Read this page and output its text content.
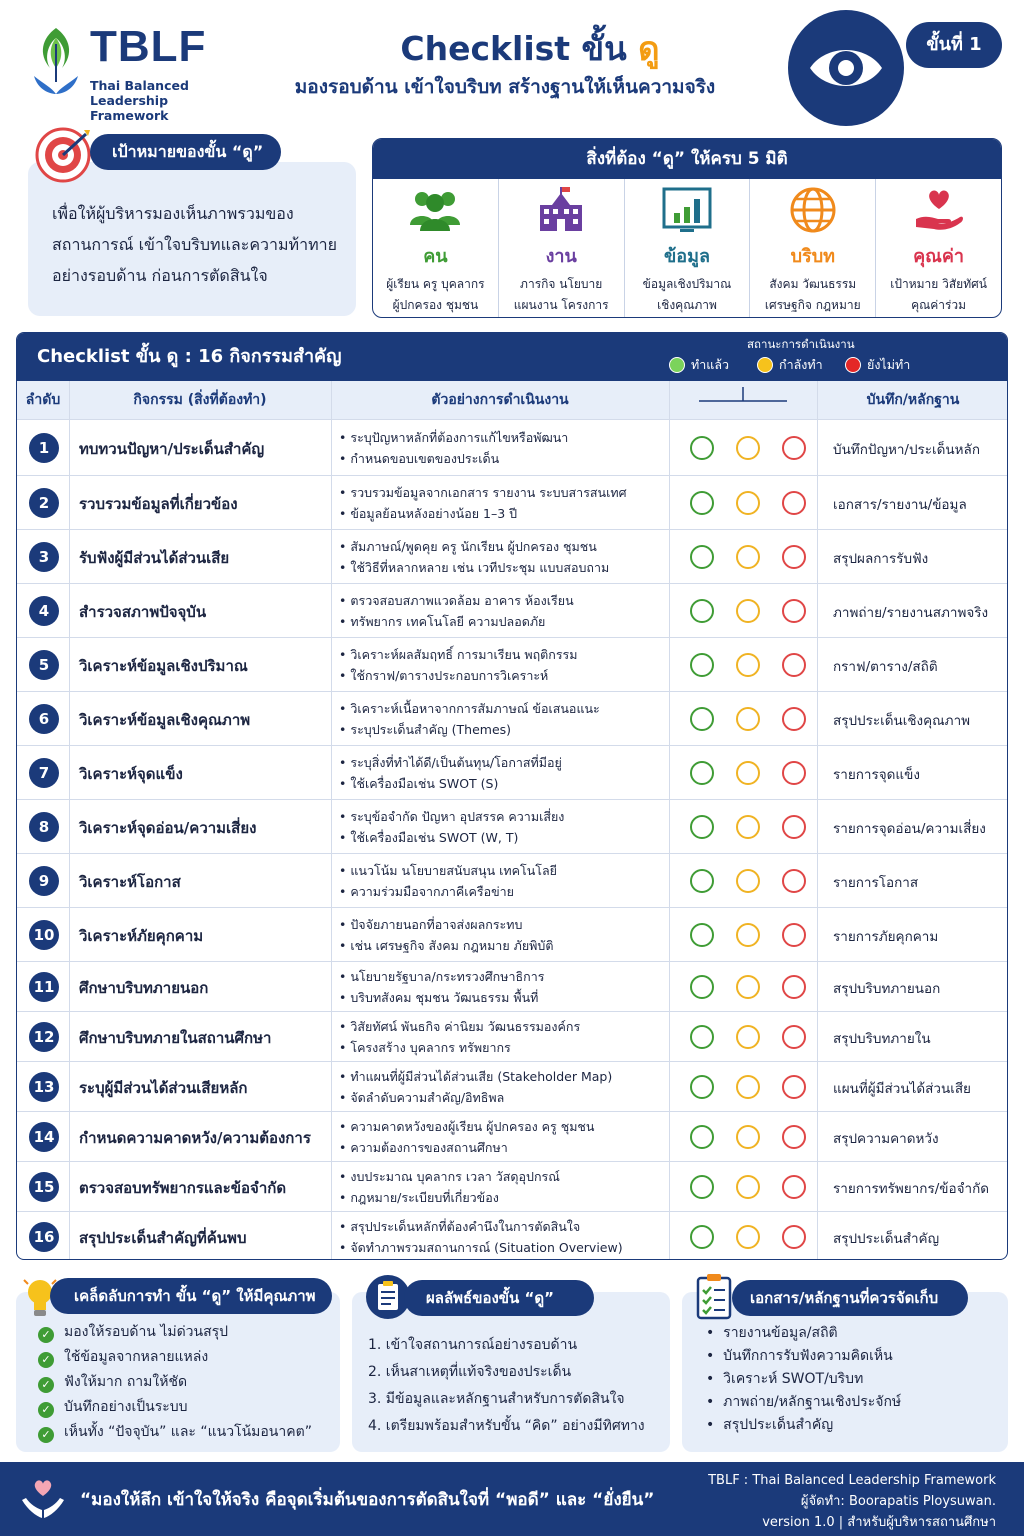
TBLF
Thai Balanced
Leadership Framework
Checklist ขั้น ดู
มองรอบด้าน เข้าใจบริบท สร้างฐานให้เห็นความจริง
ขั้นที่ 1
เป้าหมายของขั้น “ดู”
เพื่อให้ผู้บริหารมองเห็นภาพรวมของ
สถานการณ์ เข้าใจบริบทและความท้าทาย
อย่างรอบด้าน ก่อนการตัดสินใจ
สิ่งที่ต้อง “ดู” ให้ครบ 5 มิติ
คน
ผู้เรียน ครู บุคลากร
ผู้ปกครอง ชุมชน
งาน
ภารกิจ นโยบาย
แผนงาน โครงการ
ข้อมูล
ข้อมูลเชิงปริมาณ
เชิงคุณภาพ
บริบท
สังคม วัฒนธรรม
เศรษฐกิจ กฎหมาย
คุณค่า
เป้าหมาย วิสัยทัศน์
คุณค่าร่วม
Checklist ขั้น ดู : 16 กิจกรรมสำคัญ
สถานะการดำเนินงาน
ทำแล้ว	กำลังทำ	ยังไม่ทำ
ลำดับ	กิจกรรม (สิ่งที่ต้องทำ)	ตัวอย่างการดำเนินงาน	บันทึก/หลักฐาน
1	ทบทวนปัญหา/ประเด็นสำคัญ
• ระบุปัญหาหลักที่ต้องการแก้ไขหรือพัฒนา
• กำหนดขอบเขตของประเด็น
บันทึกปัญหา/ประเด็นหลัก
2	รวบรวมข้อมูลที่เกี่ยวข้อง
• รวบรวมข้อมูลจากเอกสาร รายงาน ระบบสารสนเทศ
• ข้อมูลย้อนหลังอย่างน้อย 1–3 ปี
เอกสาร/รายงาน/ข้อมูล
3	รับฟังผู้มีส่วนได้ส่วนเสีย
• สัมภาษณ์/พูดคุย ครู นักเรียน ผู้ปกครอง ชุมชน
• ใช้วิธีที่หลากหลาย เช่น เวทีประชุม แบบสอบถาม
สรุปผลการรับฟัง
4	สำรวจสภาพปัจจุบัน
• ตรวจสอบสภาพแวดล้อม อาคาร ห้องเรียน
• ทรัพยากร เทคโนโลยี ความปลอดภัย
ภาพถ่าย/รายงานสภาพจริง
5	วิเคราะห์ข้อมูลเชิงปริมาณ
• วิเคราะห์ผลสัมฤทธิ์ การมาเรียน พฤติกรรม
• ใช้กราฟ/ตารางประกอบการวิเคราะห์
กราฟ/ตาราง/สถิติ
6	วิเคราะห์ข้อมูลเชิงคุณภาพ
• วิเคราะห์เนื้อหาจากการสัมภาษณ์ ข้อเสนอแนะ
• ระบุประเด็นสำคัญ (Themes)
สรุปประเด็นเชิงคุณภาพ
7	วิเคราะห์จุดแข็ง
• ระบุสิ่งที่ทำได้ดี/เป็นต้นทุน/โอกาสที่มีอยู่
• ใช้เครื่องมือเช่น SWOT (S)
รายการจุดแข็ง
8	วิเคราะห์จุดอ่อน/ความเสี่ยง
• ระบุข้อจำกัด ปัญหา อุปสรรค ความเสี่ยง
• ใช้เครื่องมือเช่น SWOT (W, T)
รายการจุดอ่อน/ความเสี่ยง
9	วิเคราะห์โอกาส
• แนวโน้ม นโยบายสนับสนุน เทคโนโลยี
• ความร่วมมือจากภาคีเครือข่าย
รายการโอกาส
10	วิเคราะห์ภัยคุกคาม
• ปัจจัยภายนอกที่อาจส่งผลกระทบ
• เช่น เศรษฐกิจ สังคม กฎหมาย ภัยพิบัติ
รายการภัยคุกคาม
11	ศึกษาบริบทภายนอก
• นโยบายรัฐบาล/กระทรวงศึกษาธิการ
• บริบทสังคม ชุมชน วัฒนธรรม พื้นที่
สรุปบริบทภายนอก
12	ศึกษาบริบทภายในสถานศึกษา
• วิสัยทัศน์ พันธกิจ ค่านิยม วัฒนธรรมองค์กร
• โครงสร้าง บุคลากร ทรัพยากร
สรุปบริบทภายใน
13	ระบุผู้มีส่วนได้ส่วนเสียหลัก
• ทำแผนที่ผู้มีส่วนได้ส่วนเสีย (Stakeholder Map)
• จัดลำดับความสำคัญ/อิทธิพล
แผนที่ผู้มีส่วนได้ส่วนเสีย
14	กำหนดความคาดหวัง/ความต้องการ
• ความคาดหวังของผู้เรียน ผู้ปกครอง ครู ชุมชน
• ความต้องการของสถานศึกษา
สรุปความคาดหวัง
15	ตรวจสอบทรัพยากรและข้อจำกัด
• งบประมาณ บุคลากร เวลา วัสดุอุปกรณ์
• กฎหมาย/ระเบียบที่เกี่ยวข้อง
รายการทรัพยากร/ข้อจำกัด
16	สรุปประเด็นสำคัญที่ค้นพบ
• สรุปประเด็นหลักที่ต้องคำนึงในการตัดสินใจ
• จัดทำภาพรวมสถานการณ์ (Situation Overview)
สรุปประเด็นสำคัญ
เคล็ดลับการทำ ขั้น “ดู” ให้มีคุณภาพ
✓ มองให้รอบด้าน ไม่ด่วนสรุป
✓ ใช้ข้อมูลจากหลายแหล่ง
✓ ฟังให้มาก ถามให้ชัด
✓ บันทึกอย่างเป็นระบบ
✓ เห็นทั้ง “ปัจจุบัน” และ “แนวโน้มอนาคต”
ผลลัพธ์ของขั้น “ดู”
1. เข้าใจสถานการณ์อย่างรอบด้าน
2. เห็นสาเหตุที่แท้จริงของประเด็น
3. มีข้อมูลและหลักฐานสำหรับการตัดสินใจ
4. เตรียมพร้อมสำหรับขั้น “คิด” อย่างมีทิศทาง
เอกสาร/หลักฐานที่ควรจัดเก็บ
•  รายงานข้อมูล/สถิติ
•  บันทึกการรับฟังความคิดเห็น
•  วิเคราะห์ SWOT/บริบท
•  ภาพถ่าย/หลักฐานเชิงประจักษ์
•  สรุปประเด็นสำคัญ
“มองให้ลึก เข้าใจให้จริง คือจุดเริ่มต้นของการตัดสินใจที่ “พอดี” และ “ยั่งยืน”
TBLF : Thai Balanced Leadership Framework
ผู้จัดทำ: Boorapatis Ploysuwan.
version 1.0 | สำหรับผู้บริหารสถานศึกษา
